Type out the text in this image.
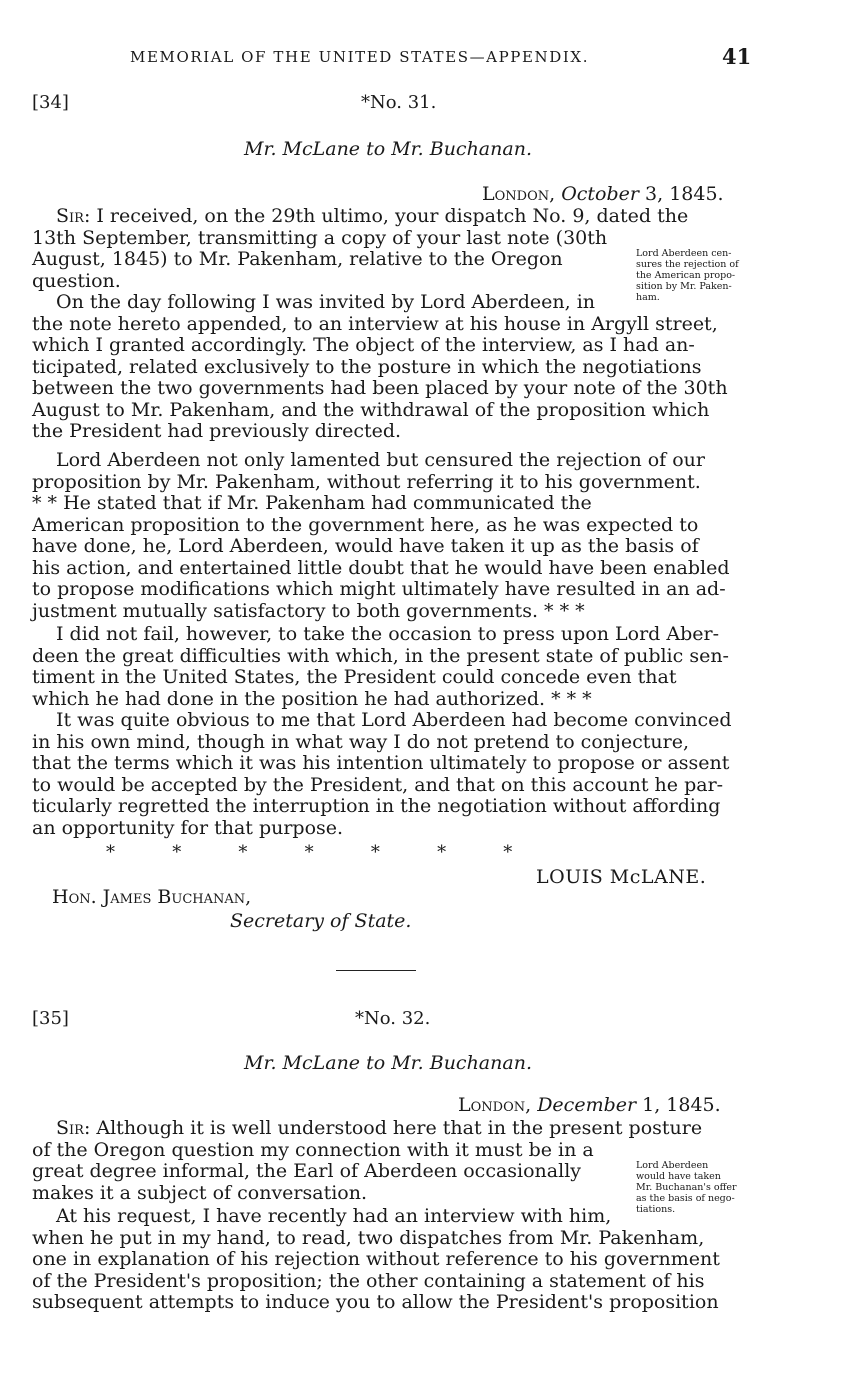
MEMORIAL OF THE UNITED STATES—APPENDIX.	41
[34]	*No. 31.
Mr. McLane to Mr. Buchanan.
London, October 3, 1845.

Sir: I received, on the 29th ultimo, your dispatch No. 9, dated the
13th September, transmitting a copy of your last note (30th
August, 1845) to Mr. Pakenham, relative to the Oregon
question.

Lord Aberdeen cen-
sures the rejection of
the American propo-
sition by Mr. Paken-
ham.

On the day following I was invited by Lord Aberdeen, in
the note hereto appended, to an interview at his house in Argyll street,
which I granted accordingly. The object of the interview, as I had an-
ticipated, related exclusively to the posture in which the negotiations
between the two governments had been placed by your note of the 30th
August to Mr. Pakenham, and the withdrawal of the proposition which
the President had previously directed.

Lord Aberdeen not only lamented but censured the rejection of our
proposition by Mr. Pakenham, without referring it to his government.
* * He stated that if Mr. Pakenham had communicated the
American proposition to the government here, as he was expected to
have done, he, Lord Aberdeen, would have taken it up as the basis of
his action, and entertained little doubt that he would have been enabled
to propose modifications which might ultimately have resulted in an ad-
justment mutually satisfactory to both governments. * * *

I did not fail, however, to take the occasion to press upon Lord Aber-
deen the great difficulties with which, in the present state of public sen-
timent in the United States, the President could concede even that
which he had done in the position he had authorized. * * *

It was quite obvious to me that Lord Aberdeen had become convinced
in his own mind, though in what way I do not pretend to conjecture,
that the terms which it was his intention ultimately to propose or assent
to would be accepted by the President, and that on this account he par-
ticularly regretted the interruption in the negotiation without affording
an opportunity for that purpose.

*          *          *          *          *          *          *
LOUIS McLANE.
Hon. James Buchanan,
Secretary of State.
[35]	*No. 32.
Mr. McLane to Mr. Buchanan.
London, December 1, 1845.

Sir: Although it is well understood here that in the present posture
of the Oregon question my connection with it must be in a
great degree informal, the Earl of Aberdeen occasionally
makes it a subject of conversation.

Lord Aberdeen
would have taken
Mr. Buchanan's offer
as the basis of nego-
tiations.

At his request, I have recently had an interview with him,
when he put in my hand, to read, two dispatches from Mr. Pakenham,
one in explanation of his rejection without reference to his government
of the President's proposition; the other containing a statement of his
subsequent attempts to induce you to allow the President's proposition
